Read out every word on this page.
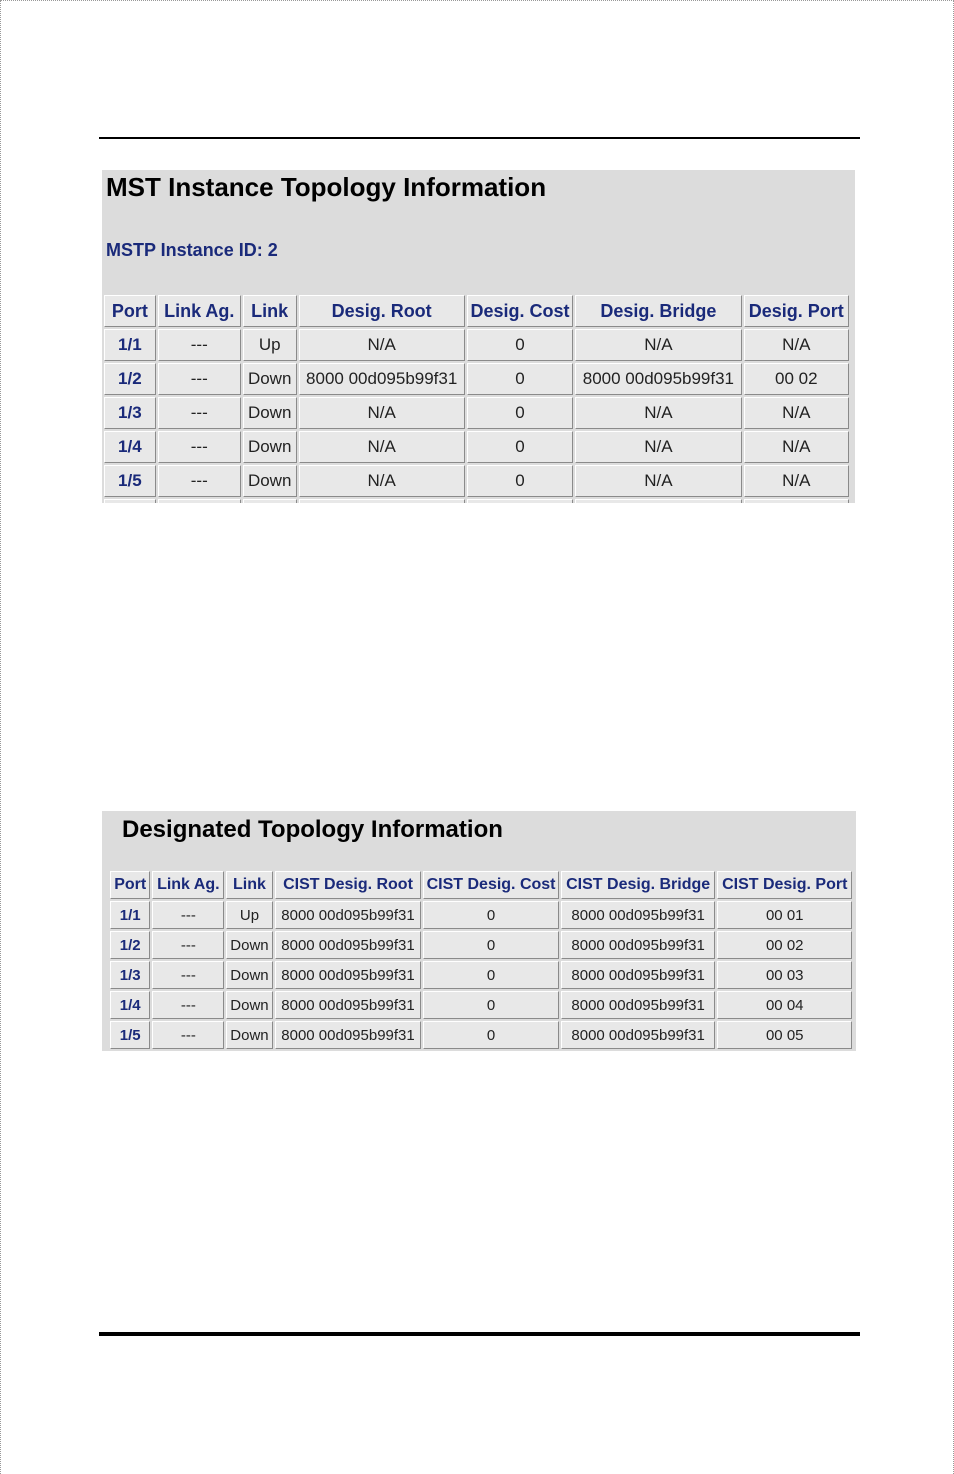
MST Instance Topology Information
MSTP Instance ID: 2
Port	Link Ag.	Link	Desig. Root	Desig. Cost	Desig. Bridge	Desig. Port
1/1	---	Up	N/A	0	N/A	N/A
1/2	---	Down	8000 00d095b99f31	0	8000 00d095b99f31	00 02
1/3	---	Down	N/A	0	N/A	N/A
1/4	---	Down	N/A	0	N/A	N/A
1/5	---	Down	N/A	0	N/A	N/A

Designated Topology Information
Port	Link Ag.	Link	CIST Desig. Root	CIST Desig. Cost	CIST Desig. Bridge	CIST Desig. Port
1/1	---	Up	8000 00d095b99f31	0	8000 00d095b99f31	00 01
1/2	---	Down	8000 00d095b99f31	0	8000 00d095b99f31	00 02
1/3	---	Down	8000 00d095b99f31	0	8000 00d095b99f31	00 03
1/4	---	Down	8000 00d095b99f31	0	8000 00d095b99f31	00 04
1/5	---	Down	8000 00d095b99f31	0	8000 00d095b99f31	00 05
